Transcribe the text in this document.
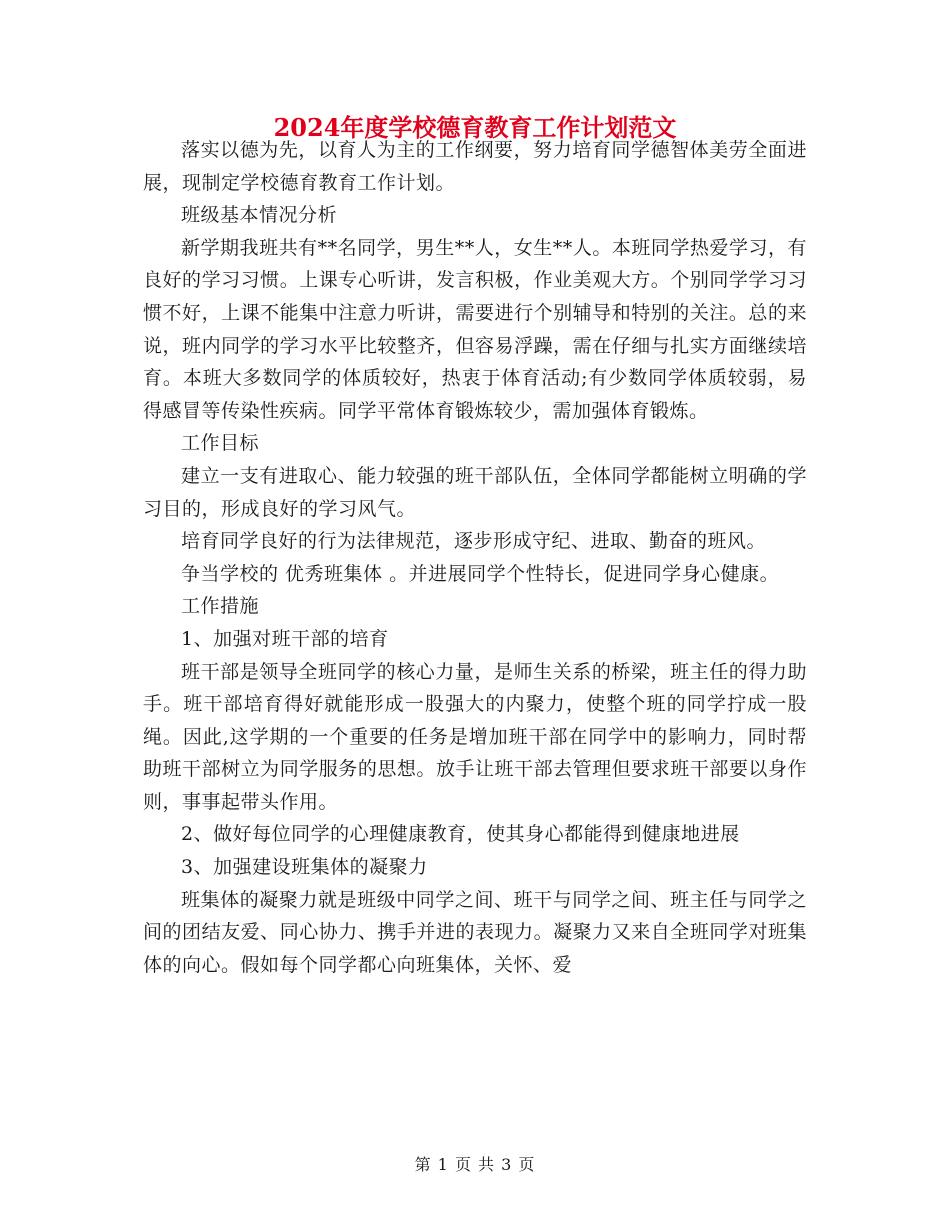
2024年度学校德育教育工作计划范文

落实以德为先，以育人为主的工作纲要，努力培育同学德智体美劳全面进展，现制定学校德育教育工作计划。

班级基本情况分析

新学期我班共有**名同学，男生**人，女生**人。本班同学热爱学习，有良好的学习习惯。上课专心听讲，发言积极，作业美观大方。个别同学学习习惯不好，上课不能集中注意力听讲，需要进行个别辅导和特别的关注。总的来说，班内同学的学习水平比较整齐，但容易浮躁，需在仔细与扎实方面继续培育。本班大多数同学的体质较好，热衷于体育活动;有少数同学体质较弱，易得感冒等传染性疾病。同学平常体育锻炼较少，需加强体育锻炼。

工作目标

建立一支有进取心、能力较强的班干部队伍，全体同学都能树立明确的学习目的，形成良好的学习风气。

培育同学良好的行为法律规范，逐步形成守纪、进取、勤奋的班风。

争当学校的 优秀班集体 。并进展同学个性特长，促进同学身心健康。

工作措施

1、加强对班干部的培育

班干部是领导全班同学的核心力量，是师生关系的桥梁，班主任的得力助手。班干部培育得好就能形成一股强大的内聚力，使整个班的同学拧成一股绳。因此,这学期的一个重要的任务是增加班干部在同学中的影响力，同时帮助班干部树立为同学服务的思想。放手让班干部去管理但要求班干部要以身作则，事事起带头作用。

2、做好每位同学的心理健康教育，使其身心都能得到健康地进展

3、加强建设班集体的凝聚力

班集体的凝聚力就是班级中同学之间、班干与同学之间、班主任与同学之间的团结友爱、同心协力、携手并进的表现力。凝聚力又来自全班同学对班集体的向心。假如每个同学都心向班集体，关怀、爱

第 1 页 共 3 页
